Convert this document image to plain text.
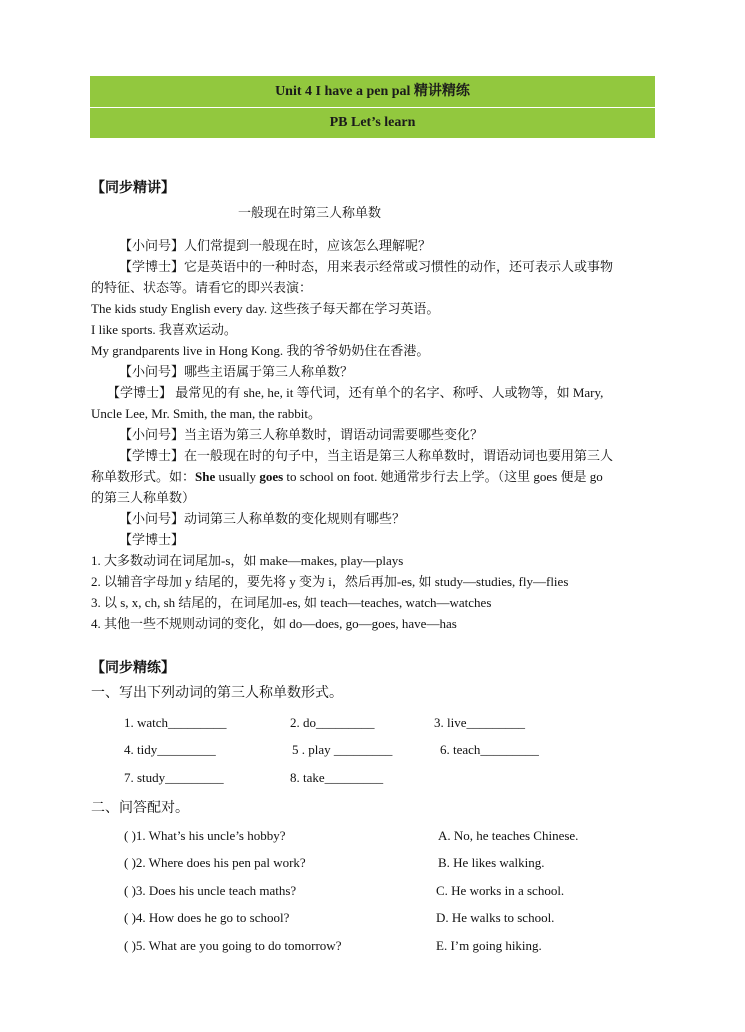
Unit 4 I have a pen pal 精讲精练
PB Let’s learn
【同步精讲】
一般现在时第三人称单数
【小问号】人们常提到一般现在时，应该怎么理解呢？
【学博士】它是英语中的一种时态，用来表示经常或习惯性的动作，还可表示人或事物
的特征、状态等。请看它的即兴表演：
The kids study English every day. 这些孩子每天都在学习英语。
I like sports. 我喜欢运动。
My grandparents live in Hong Kong. 我的爷爷奶奶住在香港。
【小问号】哪些主语属于第三人称单数？
【学博士】 最常见的有 she, he, it 等代词，还有单个的名字、称呼、人或物等，如 Mary,
Uncle Lee, Mr. Smith, the man, the rabbit。
【小问号】当主语为第三人称单数时，谓语动词需要哪些变化？
【学博士】在一般现在时的句子中，当主语是第三人称单数时，谓语动词也要用第三人
称单数形式。如：She usually goes to school on foot. 她通常步行去上学。（这里 goes 便是 go
的第三人称单数）
【小问号】动词第三人称单数的变化规则有哪些？
【学博士】
1. 大多数动词在词尾加-s，如 make—makes, play—plays
2. 以辅音字母加 y 结尾的，要先将 y 变为 i，然后再加-es, 如 study—studies, fly—flies
3. 以 s, x, ch, sh 结尾的，在词尾加-es, 如 teach—teaches, watch—watches
4. 其他一些不规则动词的变化，如 do—does, go—goes, have—has
【同步精练】
一、写出下列动词的第三人称单数形式。
1. watch_________	2. do_________	3. live_________
4. tidy_________	5 . play _________	6. teach_________
7. study_________	8. take_________
二、问答配对。
( )1. What’s his uncle’s hobby?	A. No, he teaches Chinese.
( )2. Where does his pen pal work?	B. He likes walking.
( )3. Does his uncle teach maths?	C. He works in a school.
( )4. How does he go to school?	D. He walks to school.
( )5. What are you going to do tomorrow?	E. I’m going hiking.
